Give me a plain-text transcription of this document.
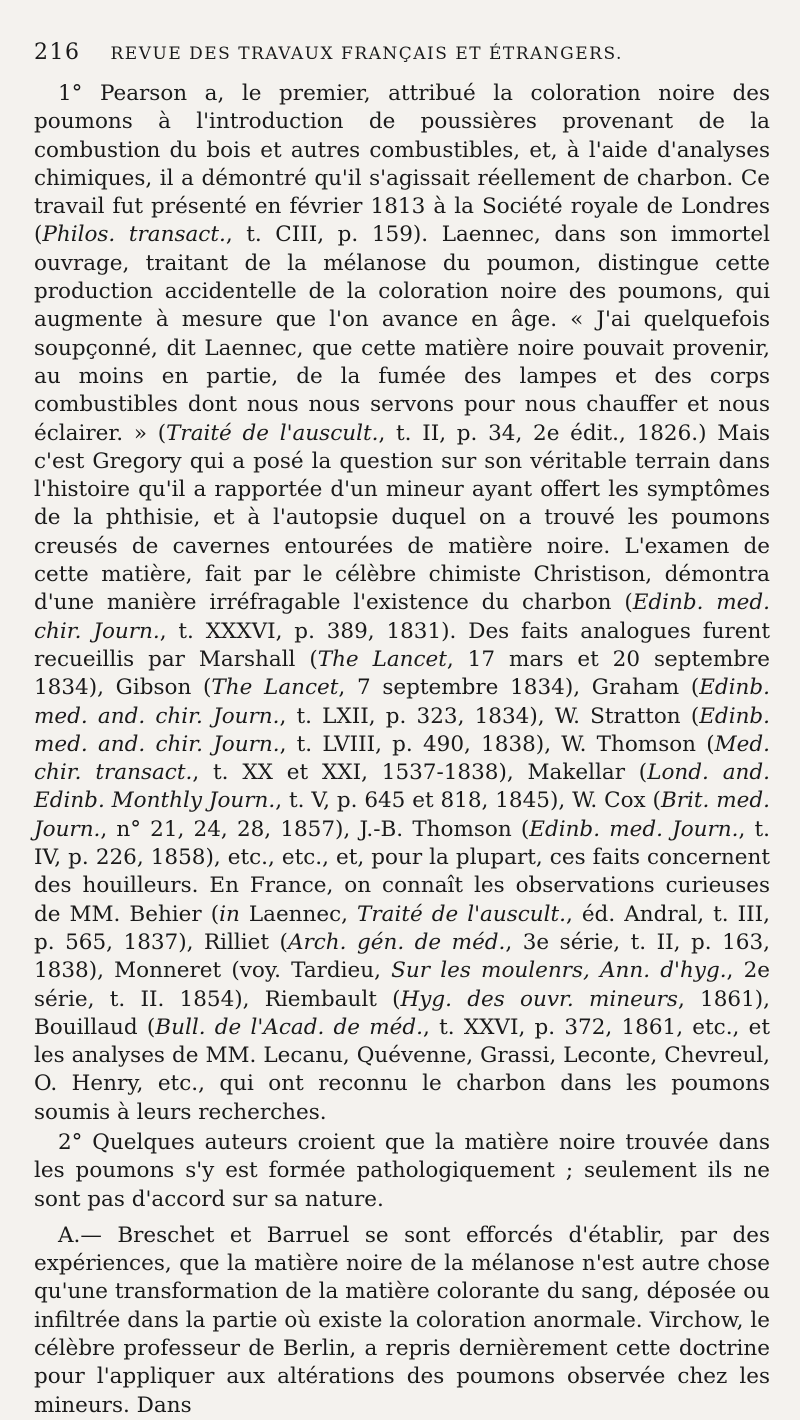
216 REVUE DES TRAVAUX FRANÇAIS ET ÉTRANGERS.

1° Pearson a, le premier, attribué la coloration noire des poumons à l'introduction de poussières provenant de la combustion du bois et autres combustibles, et, à l'aide d'analyses chimiques, il a démontré qu'il s'agissait réellement de charbon. Ce travail fut présenté en février 1813 à la Société royale de Londres (Philos. transact., t. CIII, p. 159). Laennec, dans son immortel ouvrage, traitant de la mélanose du poumon, distingue cette production accidentelle de la coloration noire des poumons, qui augmente à mesure que l'on avance en âge. « J'ai quelquefois soupçonné, dit Laennec, que cette matière noire pouvait provenir, au moins en partie, de la fumée des lampes et des corps combustibles dont nous nous servons pour nous chauffer et nous éclairer. » (Traité de l'auscult., t. II, p. 34, 2e édit., 1826.) Mais c'est Gregory qui a posé la question sur son véritable terrain dans l'histoire qu'il a rapportée d'un mineur ayant offert les symptômes de la phthisie, et à l'autopsie duquel on a trouvé les poumons creusés de cavernes entourées de matière noire. L'examen de cette matière, fait par le célèbre chimiste Christison, démontra d'une manière irréfragable l'existence du charbon (Edinb. med. chir. Journ., t. XXXVI, p. 389, 1831). Des faits analogues furent recueillis par Marshall (The Lancet, 17 mars et 20 septembre 1834), Gibson (The Lancet, 7 septembre 1834), Graham (Edinb. med. and. chir. Journ., t. LXII, p. 323, 1834), W. Stratton (Edinb. med. and. chir. Journ., t. LVIII, p. 490, 1838), W. Thomson (Med. chir. transact., t. XX et XXI, 1537-1838), Makellar (Lond. and. Edinb. Monthly Journ., t. V, p. 645 et 818, 1845), W. Cox (Brit. med. Journ., n° 21, 24, 28, 1857), J.-B. Thomson (Edinb. med. Journ., t. IV, p. 226, 1858), etc., etc., et, pour la plupart, ces faits concernent des houilleurs. En France, on connaît les observations curieuses de MM. Behier (in Laennec, Traité de l'auscult., éd. Andral, t. III, p. 565, 1837), Rilliet (Arch. gén. de méd., 3e série, t. II, p. 163, 1838), Monneret (voy. Tardieu, Sur les moulenrs, Ann. d'hyg., 2e série, t. II. 1854), Riembault (Hyg. des ouvr. mineurs, 1861), Bouillaud (Bull. de l'Acad. de méd., t. XXVI, p. 372, 1861, etc., et les analyses de MM. Lecanu, Quévenne, Grassi, Leconte, Chevreul, O. Henry, etc., qui ont reconnu le charbon dans les poumons soumis à leurs recherches.

2° Quelques auteurs croient que la matière noire trouvée dans les poumons s'y est formée pathologiquement ; seulement ils ne sont pas d'accord sur sa nature.

A.— Breschet et Barruel se sont efforcés d'établir, par des expériences, que la matière noire de la mélanose n'est autre chose qu'une transformation de la matière colorante du sang, déposée ou infiltrée dans la partie où existe la coloration anormale. Virchow, le célèbre professeur de Berlin, a repris dernièrement cette doctrine pour l'appliquer aux altérations des poumons observée chez les mineurs. Dans
